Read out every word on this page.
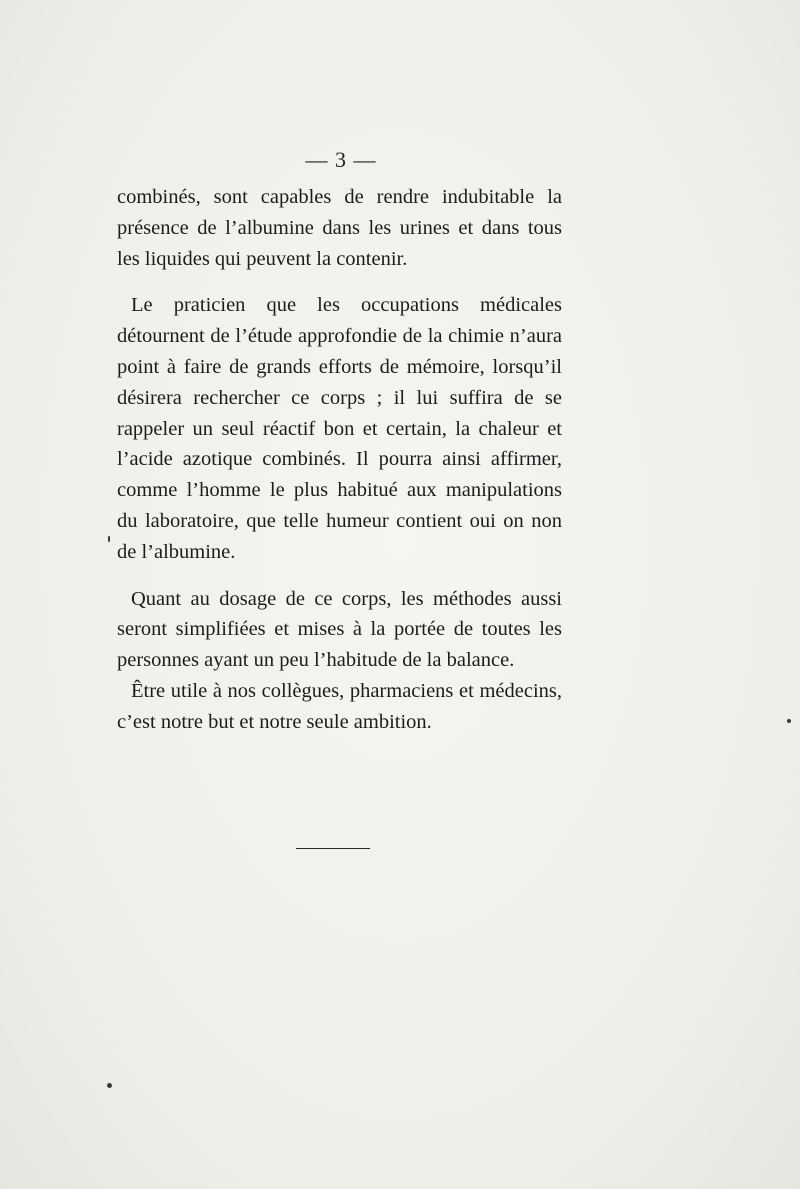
— 3 —

combinés, sont capables de rendre indubitable la présence de l’albumine dans les urines et dans tous les liquides qui peuvent la contenir.

Le praticien que les occupations médicales détournent de l’étude approfondie de la chimie n’aura point à faire de grands efforts de mémoire, lorsqu’il désirera rechercher ce corps ; il lui suffira de se rappeler un seul réactif bon et certain, la chaleur et l’acide azotique combinés. Il pourra ainsi affirmer, comme l’homme le plus habitué aux manipulations du laboratoire, que telle humeur contient oui on non de l’albumine.

Quant au dosage de ce corps, les méthodes aussi seront simplifiées et mises à la portée de toutes les personnes ayant un peu l’habitude de la balance.

Être utile à nos collègues, pharmaciens et médecins, c’est notre but et notre seule ambition.
